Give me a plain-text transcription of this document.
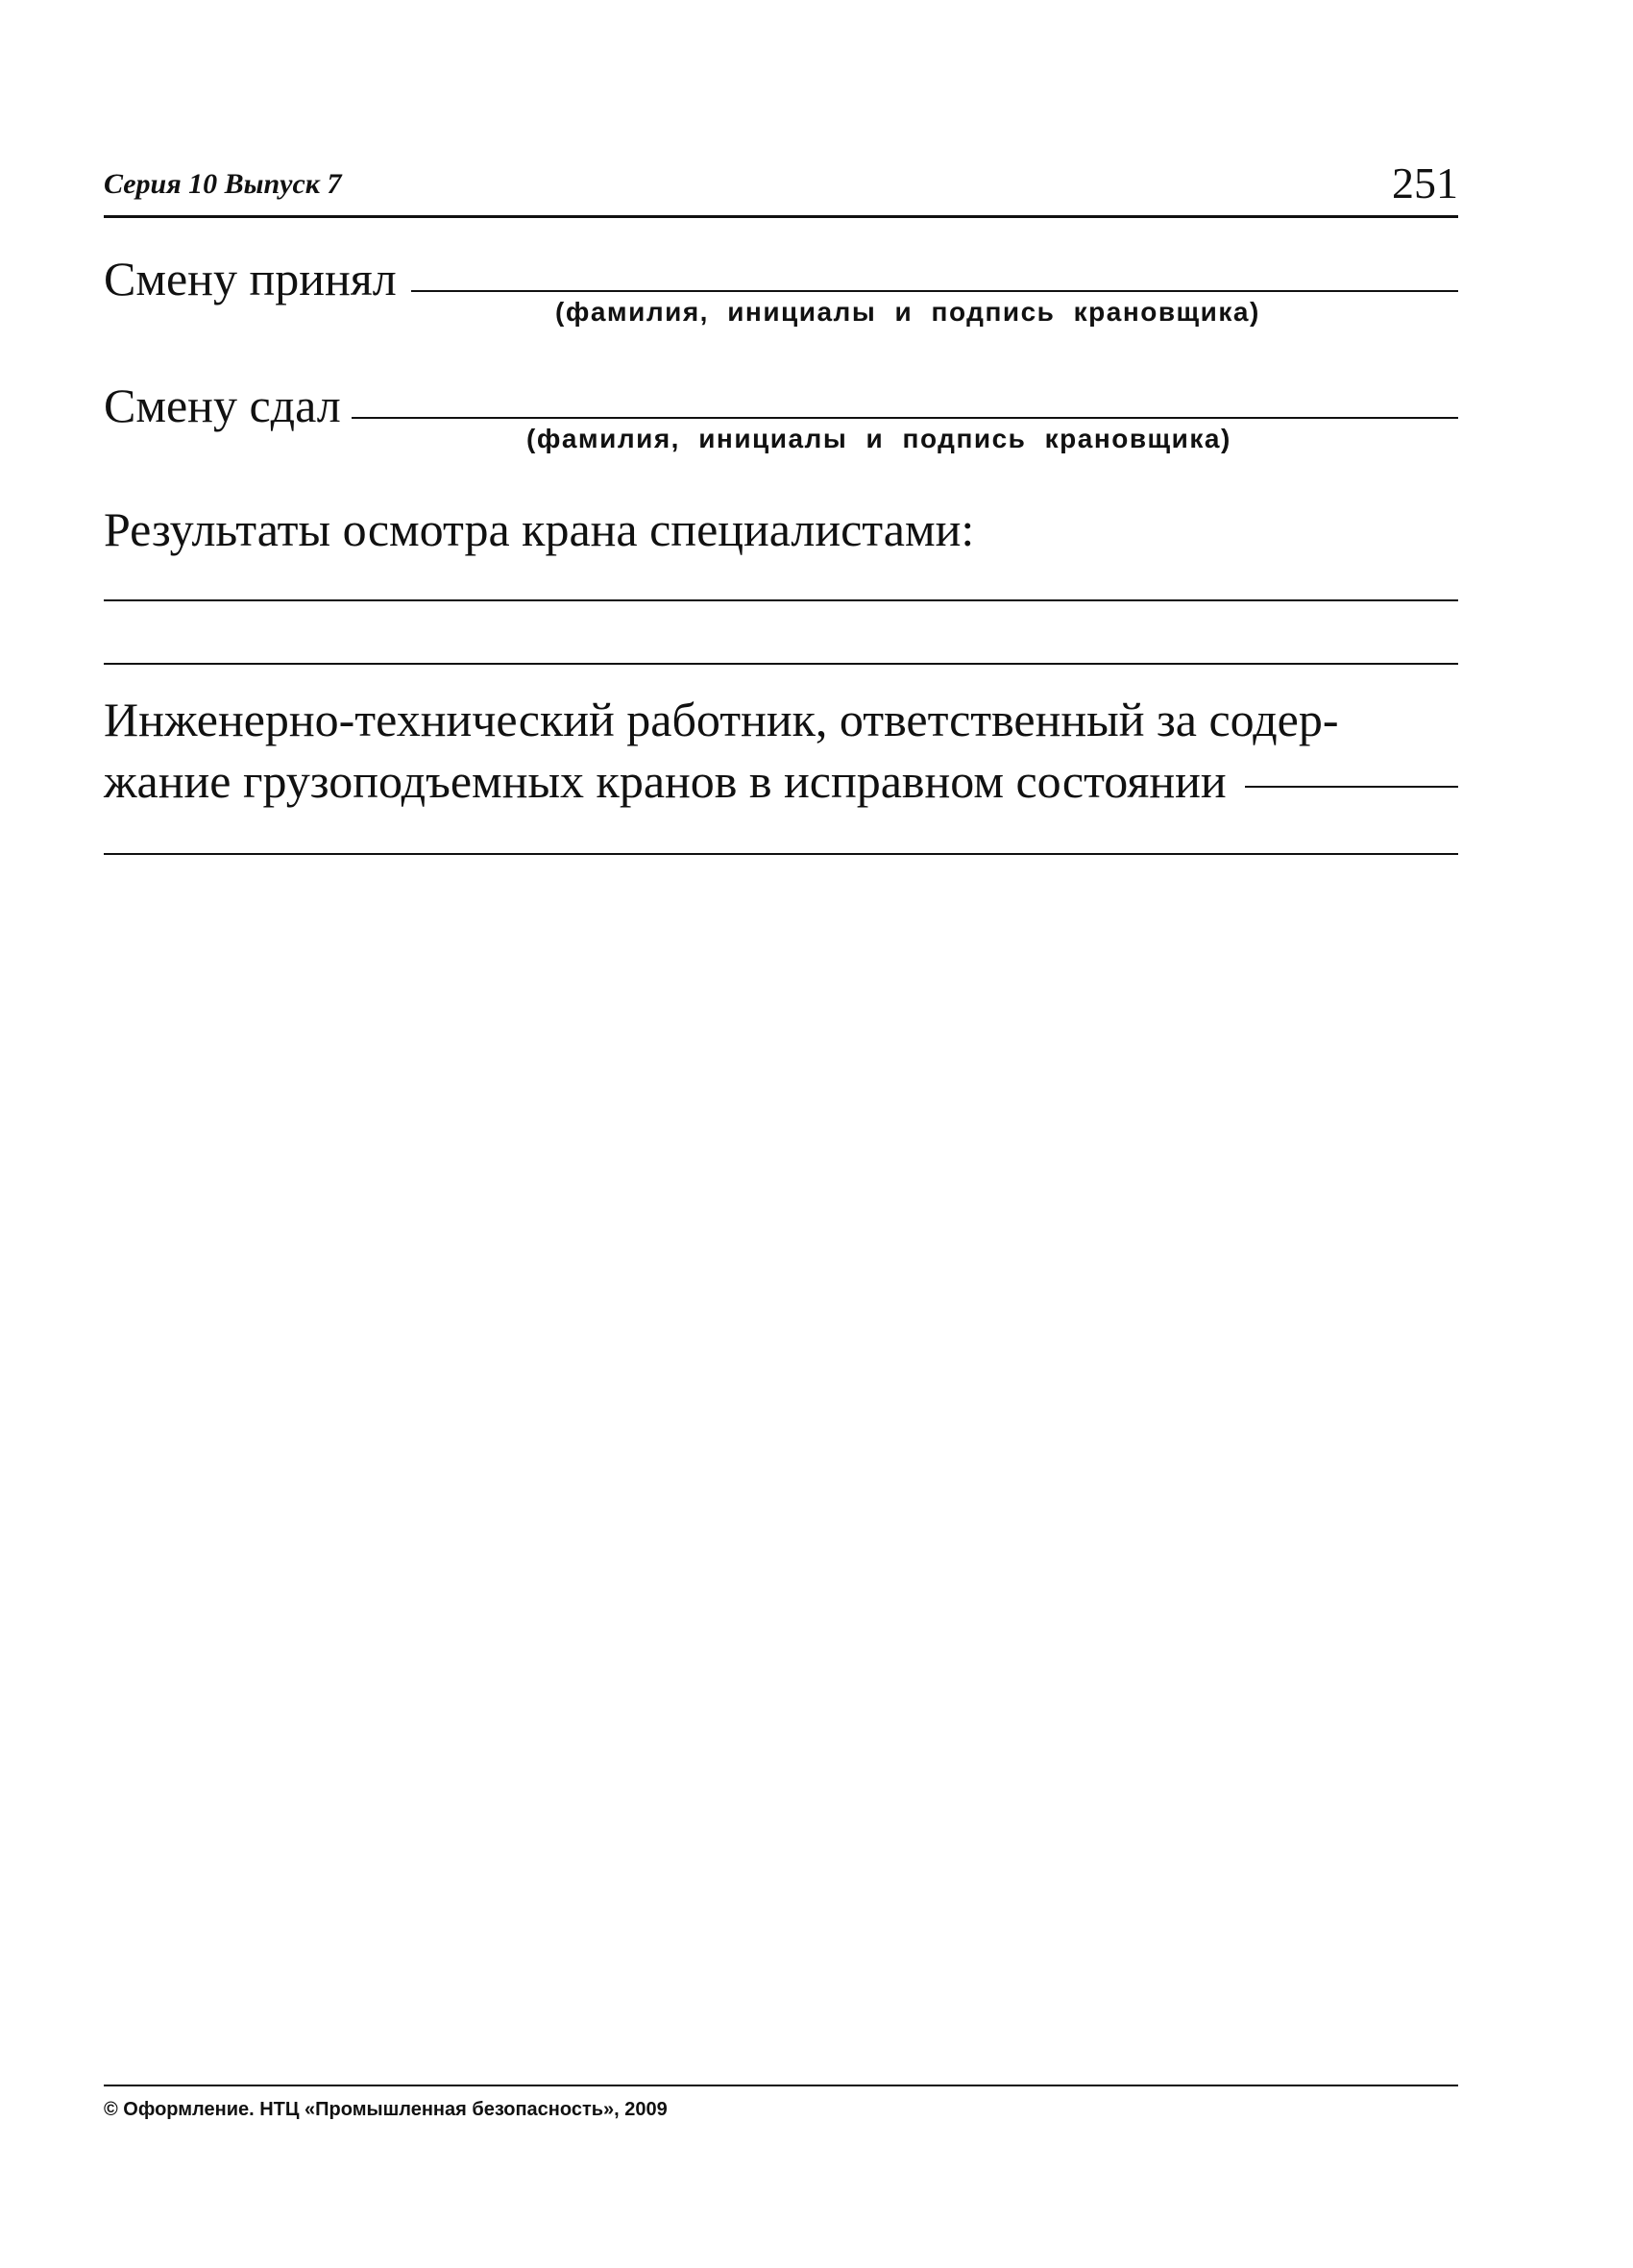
Серия 10 Выпуск 7	251
Смену принял
(фамилия, инициалы и подпись крановщика)
Смену сдал
(фамилия, инициалы и подпись крановщика)
Результаты осмотра крана специалистами:
Инженерно-технический работник, ответственный за содер-
жание грузоподъемных кранов в исправном состоянии
© Оформление. НТЦ «Промышленная безопасность», 2009
